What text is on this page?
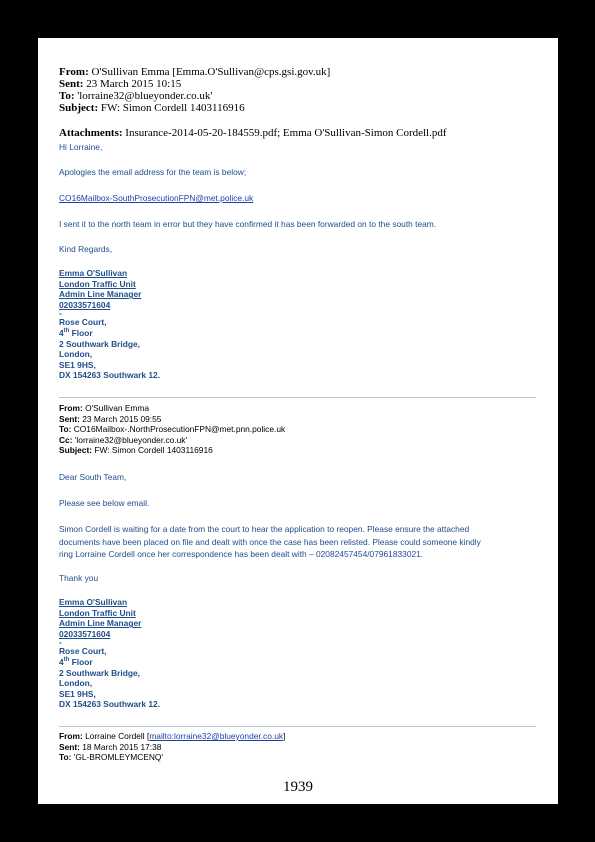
From: O'Sullivan Emma [Emma.O'Sullivan@cps.gsi.gov.uk]
Sent: 23 March 2015 10:15
To: 'lorraine32@blueyonder.co.uk'
Subject: FW: Simon Cordell 1403116916
Attachments: Insurance-2014-05-20-184559.pdf; Emma O'Sullivan-Simon Cordell.pdf
Hi Lorraine,
Apologies the email address for the team is below;
CO16Mailbox-SouthProsecutionFPN@met.police.uk
I sent it to the north team in error but they have confirmed it has been forwarded on to the south team.
Kind Regards,
Emma O'Sullivan
London Traffic Unit
Admin Line Manager
02033571604
-
Rose Court,
4th Floor
2 Southwark Bridge,
London,
SE1 9HS,
DX 154263 Southwark 12.
From: O'Sullivan Emma
Sent: 23 March 2015 09:55
To: CO16Mailbox-.NorthProsecutionFPN@met.pnn.police.uk
Cc: 'lorraine32@blueyonder.co.uk'
Subject: FW: Simon Cordell 1403116916
Dear South Team,
Please see below email.
Simon Cordell is waiting for a date from the court to hear the application to reopen. Please ensure the attached
documents have been placed on file and dealt with once the case has been relisted. Please could someone kindly
ring Lorraine Cordell once her correspondence has been dealt with – 02082457454/07961833021.
Thank you
Emma O'Sullivan
London Traffic Unit
Admin Line Manager
02033571604
-
Rose Court,
4th Floor
2 Southwark Bridge,
London,
SE1 9HS,
DX 154263 Southwark 12.
From: Lorraine Cordell [mailto:lorraine32@blueyonder.co.uk]
Sent: 18 March 2015 17:38
To: 'GL-BROMLEYMCENQ'
1939
